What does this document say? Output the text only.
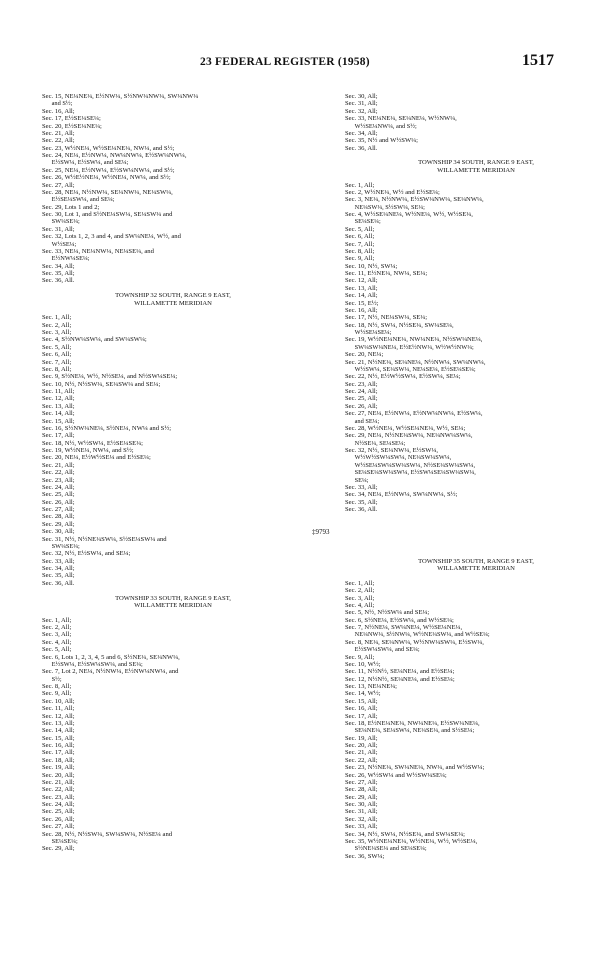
23 FEDERAL REGISTER (1958)	1517
Sec. 15, NE¼NE¼, E½NW¼, S½NW¼NW¼, SW¼NW¼
and S½;
Sec. 16, All;
Sec. 17, E½SE¼SE¼;
Sec. 20, E½SE¼NE¼;
Sec. 21, All;
Sec. 22, All;
Sec. 23, W½NE¼, W½SE¼NE¼, NW¼, and S½;
Sec. 24, NE¼, E½NW¼, NW¼NW¼, E½SW¼NW¼,
E½SW¼, E½SW¼, and SE¼;
Sec. 25, NE¼, E½NW¼, E½SW¼NW¼, and S½;
Sec. 26, W½E½NE¼, W½NE¼, NW¼, and S½;
Sec. 27, All;
Sec. 28, NE¼, N½NW¼, SE¼NW¼, NE¼SW¼,
E½SE¼SW¼, and SE¼;
Sec. 29, Lots 1 and 2;
Sec. 30, Lot 1, and S½NE¼SW¼, SE¼SW¼ and
SW¼SE¼;
Sec. 31, All;
Sec. 32, Lots 1, 2, 3 and 4, and SW¼NE¼, W½, and
W½SE¼;
Sec. 33, NE¼, NE¼NW¼, NE¼SE¼, and
E½NW¼SE¼;
Sec. 34, All;
Sec. 35, All;
Sec. 36, All.
TOWNSHIP 32 SOUTH, RANGE 9 EAST,
WILLAMETTE MERIDIAN
Sec. 1, All;
Sec. 2, All;
Sec. 3, All;
Sec. 4, S½NW¼SW¼, and SW¼SW¼;
Sec. 5, All;
Sec. 6, All;
Sec. 7, All;
Sec. 8, All;
Sec. 9, S½NE¼, W½, N½SE¼, and N½SW¼SE¼;
Sec. 10, N½, N½SW¼, SE¼SW¼ and SE¼;
Sec. 11, All;
Sec. 12, All;
Sec. 13, All;
Sec. 14, All;
Sec. 15, All;
Sec. 16, S½NW¼NE¼, S½NE¼, NW¼ and S½;
Sec. 17, All;
Sec. 18, N½, W½SW¼, E½SE¼SE¼;
Sec. 19, W½NE¼, NW¼, and S½;
Sec. 20, NE¼, E½W½SE¼ and E½SE¼;
Sec. 21, All;
Sec. 22, All;
Sec. 23, All;
Sec. 24, All;
Sec. 25, All;
Sec. 26, All;
Sec. 27, All;
Sec. 28, All;
Sec. 29, All;
Sec. 30, All;
Sec. 31, N½, N½NE¼SW¼, S½SE¼SW¼ and
SW¼SE¼;
Sec. 32, N½, E½SW¼, and SE¼;
Sec. 33, All;
Sec. 34, All;
Sec. 35, All;
Sec. 36, All.
TOWNSHIP 33 SOUTH, RANGE 9 EAST,
WILLAMETTE MERIDIAN
Sec. 1, All;
Sec. 2, All;
Sec. 3, All;
Sec. 4, All;
Sec. 5, All;
Sec. 6, Lots 1, 2, 3, 4, 5 and 6, S½NE¼, SE¼NW¼,
E½SW¼, E½SW¼SW¼, and SE¼;
Sec. 7, Lot 2, NE¼, N½NW¼, E½NW¼NW¼, and
S½;
Sec. 8, All;
Sec. 9, All;
Sec. 10, All;
Sec. 11, All;
Sec. 12, All;
Sec. 13, All;
Sec. 14, All;
Sec. 15, All;
Sec. 16, All;
Sec. 17, All;
Sec. 18, All;
Sec. 19, All;
Sec. 20, All;
Sec. 21, All;
Sec. 22, All;
Sec. 23, All;
Sec. 24, All;
Sec. 25, All;
Sec. 26, All;
Sec. 27, All;
Sec. 28, N½, N½SW¼, SW¼SW¼, N½SE¼ and
SE¼SE¼;
Sec. 29, All;
‡9793
Sec. 30, All;
Sec. 31, All;
Sec. 32, All;
Sec. 33, NE¼NE¼, SE¼NE¼, W½NW¼,
W½SE¼NW¼, and S½;
Sec. 34, All;
Sec. 35, N½ and W½SW¼;
Sec. 36, All.
TOWNSHIP 34 SOUTH, RANGE 9 EAST,
WILLAMETTE MERIDIAN
Sec. 1, All;
Sec. 2, W½NE¼, W½ and E½SE¼;
Sec. 3, NE¼, N½NW¼, E½SW¼NW¼, SE¼NW¼,
NE¼SW¼, S½SW¼, SE¼;
Sec. 4, W½SE¼NE¼, W½NE¼, W½, W½SE¼,
SE¼SE¼;
Sec. 5, All;
Sec. 6, All;
Sec. 7, All;
Sec. 8, All;
Sec. 9, All;
Sec. 10, N½, SW¼;
Sec. 11, E½NE¼, NW¼, SE¼;
Sec. 12, All;
Sec. 13, All;
Sec. 14, All;
Sec. 15, E½;
Sec. 16, All;
Sec. 17, N½, NE¼SW¼, SE¼;
Sec. 18, N½, SW¼, N½SE¼, SW¼SE¼,
W½SE¼SE¼;
Sec. 19, W½NE¼NE¼, NW¼NE¼, N½SW¼NE¼,
SW¼SW¼NE¼, E½E½NW¼, W½W½NW¼;
Sec. 20, NE¼;
Sec. 21, N½NE¼, SE¼NE¼, N½NW¼, SW¼NW¼,
W½SW¼, SE¼SW¼, NE¼SE¼, E½SE¼SE¼;
Sec. 22, N½, E½W½SW¼, E½SW¼, SE¼;
Sec. 23, All;
Sec. 24, All;
Sec. 25, All;
Sec. 26, All;
Sec. 27, NE¼, E½NW¼, E½NW¼NW¼, E½SW¼,
and SE¼;
Sec. 28, W½NE¼, W½SE¼NE¼, W½, SE¼;
Sec. 29, NE¼, N½NE¼SW¼, NE¼NW¼SW¼,
N½SE¼, SE¼SE¼;
Sec. 32, N½, SE¼NW¼, E½SW¼,
W½W½SW¼SW¼, NE¼SW¼SW¼,
W½SE¼SW¼SW¼SW¼, N½SE¼SW¼SW¼,
SE¼SE¼SW¼SW¼, E½SW¼SE¼SW¼SW¼,
SE¼;
Sec. 33, All;
Sec. 34, NE¼, E½NW¼, SW¼NW¼, S½;
Sec. 35, All;
Sec. 36, All.
TOWNSHIP 35 SOUTH, RANGE 9 EAST,
WILLAMETTE MERIDIAN
Sec. 1, All;
Sec. 2, All;
Sec. 3, All;
Sec. 4, All;
Sec. 5, N½, N½SW¼ and SE¼;
Sec. 6, S½NE¼, E½SW¼, and W½SE¼;
Sec. 7, N½NE¼, SW¼NE¼, W½SE¼NE¼,
NE¼NW¼, S½NW¼, W½NE¼SW¼, and W½SE¼;
Sec. 8, NE¼, SE¼NW¼, W½NW¼SW¼, E½SW¼,
E½SW¼SW¼, and SE¼;
Sec. 9, All;
Sec. 10, W½;
Sec. 11, N½N½, SE¼NE¼, and E½SE¼;
Sec. 12, N½N½, SE¼NE¼, and E½SE¼;
Sec. 13, NE¼NE¼;
Sec. 14, W½;
Sec. 15, All;
Sec. 16, All;
Sec. 17, All;
Sec. 18, E½NE¼NE¼, NW¼NE¼, E½SW¼NE¼,
SE¼NE¼, SE¼SW¼, NE¼SE¼, and S½SE¼;
Sec. 19, All;
Sec. 20, All;
Sec. 21, All;
Sec. 22, All;
Sec. 23, N½NE¼, SW¼NE¼, NW¼, and W½SW¼;
Sec. 26, W½SW¼ and W½SW¼SE¼;
Sec. 27, All;
Sec. 28, All;
Sec. 29, All;
Sec. 30, All;
Sec. 31, All;
Sec. 32, All;
Sec. 33, All;
Sec. 34, N½, SW¼, N½SE¼, and SW¼SE¼;
Sec. 35, W½NE¼NE¼, W½NE¼, W½, W½SE¼,
S½NE¼SE¼ and SE¼SE¼;
Sec. 36, SW¼;
